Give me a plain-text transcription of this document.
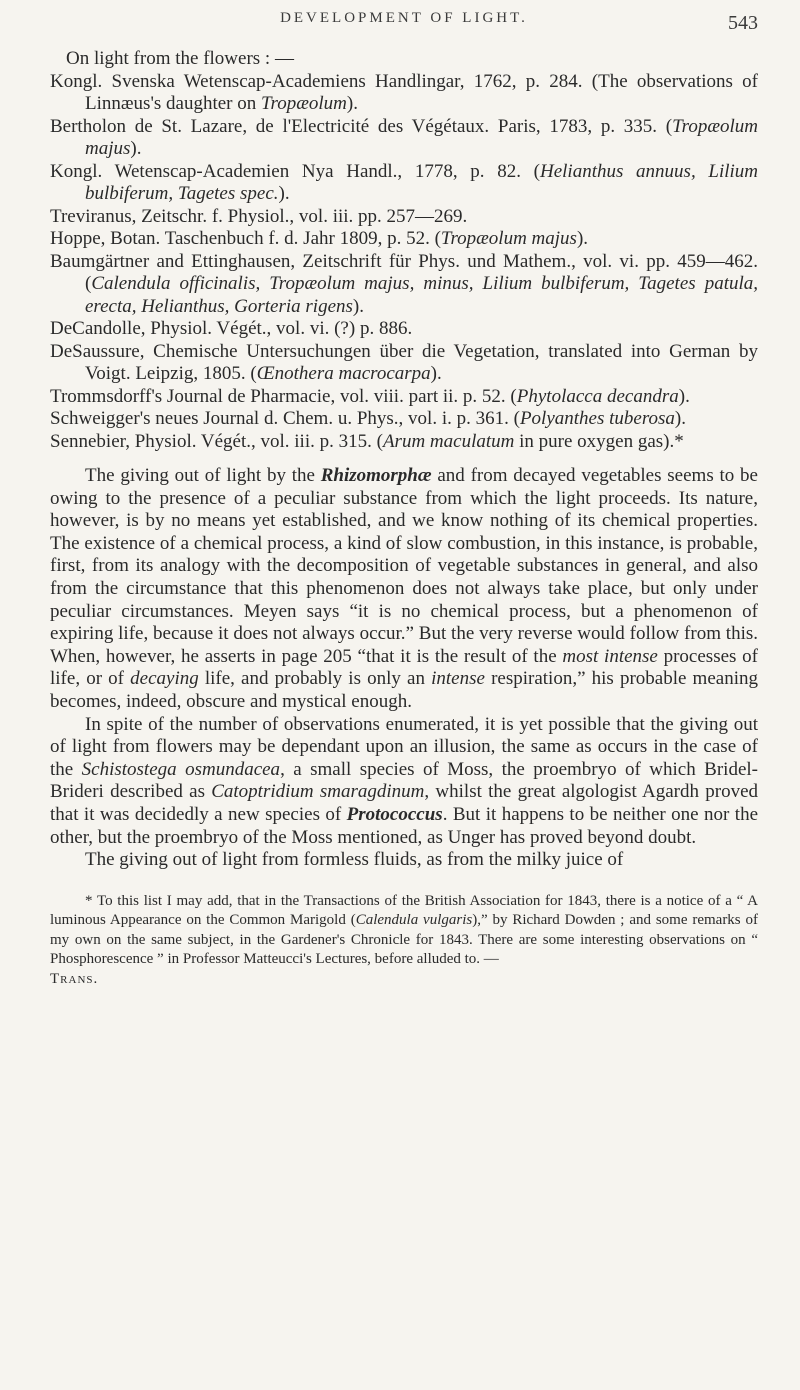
DEVELOPMENT OF LIGHT.	543
On light from the flowers : —
Kongl. Svenska Wetenscap-Academiens Handlingar, 1762, p. 284. (The observations of Linnæus's daughter on Tropæolum).
Bertholon de St. Lazare, de l'Electricité des Végétaux. Paris, 1783, p. 335. (Tropæolum majus).
Kongl. Wetenscap-Academien Nya Handl., 1778, p. 82. (Helianthus annuus, Lilium bulbiferum, Tagetes spec.).
Treviranus, Zeitschr. f. Physiol., vol. iii. pp. 257—269.
Hoppe, Botan. Taschenbuch f. d. Jahr 1809, p. 52. (Tropæolum majus).
Baumgärtner and Ettinghausen, Zeitschrift für Phys. und Mathem., vol. vi. pp. 459—462. (Calendula officinalis, Tropæolum majus, minus, Lilium bulbiferum, Tagetes patula, erecta, Helianthus, Gorteria rigens).
DeCandolle, Physiol. Végét., vol. vi. (?) p. 886.
DeSaussure, Chemische Untersuchungen über die Vegetation, translated into German by Voigt. Leipzig, 1805. (Œnothera macrocarpa).
Trommsdorff's Journal de Pharmacie, vol. viii. part ii. p. 52. (Phytolacca decandra).
Schweigger's neues Journal d. Chem. u. Phys., vol. i. p. 361. (Polyanthes tuberosa).
Sennebier, Physiol. Végét., vol. iii. p. 315. (Arum maculatum in pure oxygen gas).*

The giving out of light by the Rhizomorphæ and from decayed vegetables seems to be owing to the presence of a peculiar substance from which the light proceeds. Its nature, however, is by no means yet established, and we know nothing of its chemical properties. The existence of a chemical process, a kind of slow combustion, in this instance, is probable, first, from its analogy with the decomposition of vegetable substances in general, and also from the circumstance that this phenomenon does not always take place, but only under peculiar circumstances. Meyen says “it is no chemical process, but a phenomenon of expiring life, because it does not always occur.” But the very reverse would follow from this. When, however, he asserts in page 205 “that it is the result of the most intense processes of life, or of decaying life, and probably is only an intense respiration,” his probable meaning becomes, indeed, obscure and mystical enough.

In spite of the number of observations enumerated, it is yet possible that the giving out of light from flowers may be dependant upon an illusion, the same as occurs in the case of the Schistostega osmundacea, a small species of Moss, the proembryo of which Bridel-Brideri described as Catoptridium smaragdinum, whilst the great algologist Agardh proved that it was decidedly a new species of Protococcus. But it happens to be neither one nor the other, but the proembryo of the Moss mentioned, as Unger has proved beyond doubt.

The giving out of light from formless fluids, as from the milky juice of

* To this list I may add, that in the Transactions of the British Association for 1843, there is a notice of a “ A luminous Appearance on the Common Marigold (Calendula vulgaris),” by Richard Dowden ; and some remarks of my own on the same subject, in the Gardener's Chronicle for 1843. There are some interesting observations on “ Phosphorescence ” in Professor Matteucci's Lectures, before alluded to. —
Trans.
